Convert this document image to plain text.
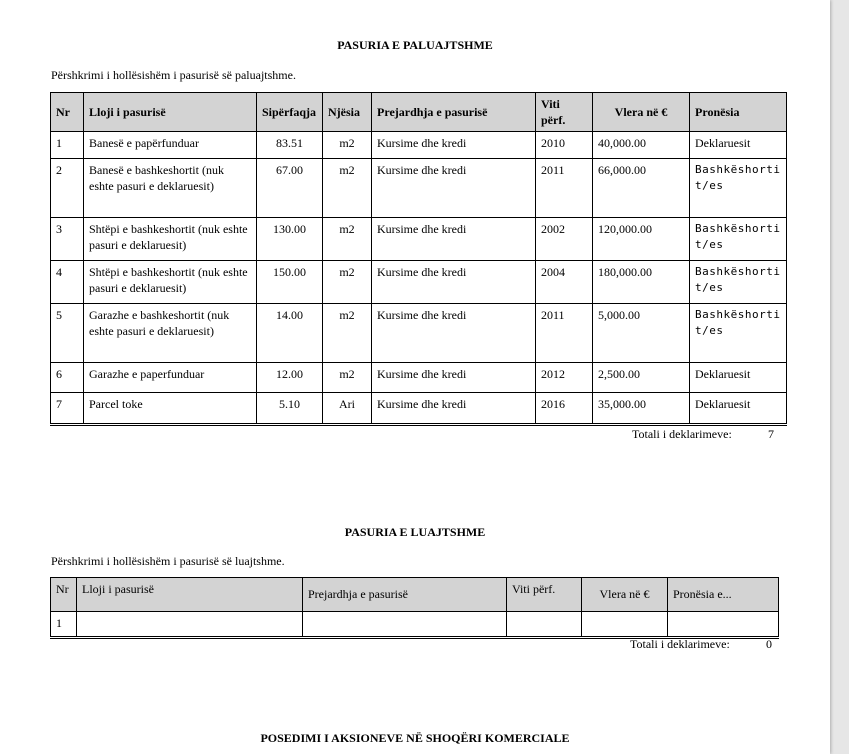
PASURIA E PALUAJTSHME
Përshkrimi i hollësishëm i pasurisë së paluajtshme.
Nr	Lloji i pasurisë	Sipërfaqja	Njësia	Prejardhja e pasurisë	Viti përf.	Vlera në €	Pronësia
1	Banesë e papërfunduar	83.51	m2	Kursime dhe kredi	2010	40,000.00	Deklaruesit
2	Banesë e bashkeshortit (nuk eshte pasuri e deklaruesit)	67.00	m2	Kursime dhe kredi	2011	66,000.00	Bashkëshortit/es
3	Shtëpi e bashkeshortit (nuk eshte pasuri e deklaruesit)	130.00	m2	Kursime dhe kredi	2002	120,000.00	Bashkëshortit/es
4	Shtëpi e bashkeshortit (nuk eshte pasuri e deklaruesit)	150.00	m2	Kursime dhe kredi	2004	180,000.00	Bashkëshortit/es
5	Garazhe e bashkeshortit (nuk eshte pasuri e deklaruesit)	14.00	m2	Kursime dhe kredi	2011	5,000.00	Bashkëshortit/es
6	Garazhe e paperfunduar	12.00	m2	Kursime dhe kredi	2012	2,500.00	Deklaruesit
7	Parcel toke	5.10	Ari	Kursime dhe kredi	2016	35,000.00	Deklaruesit
Totali i deklarimeve:	7
PASURIA E LUAJTSHME
Përshkrimi i hollësishëm i pasurisë së luajtshme.
Nr	Lloji i pasurisë	Prejardhja e pasurisë	Viti përf.	Vlera në €	Pronësia e...
1					
Totali i deklarimeve:	0
POSEDIMI I AKSIONEVE NË SHOQËRI KOMERCIALE
